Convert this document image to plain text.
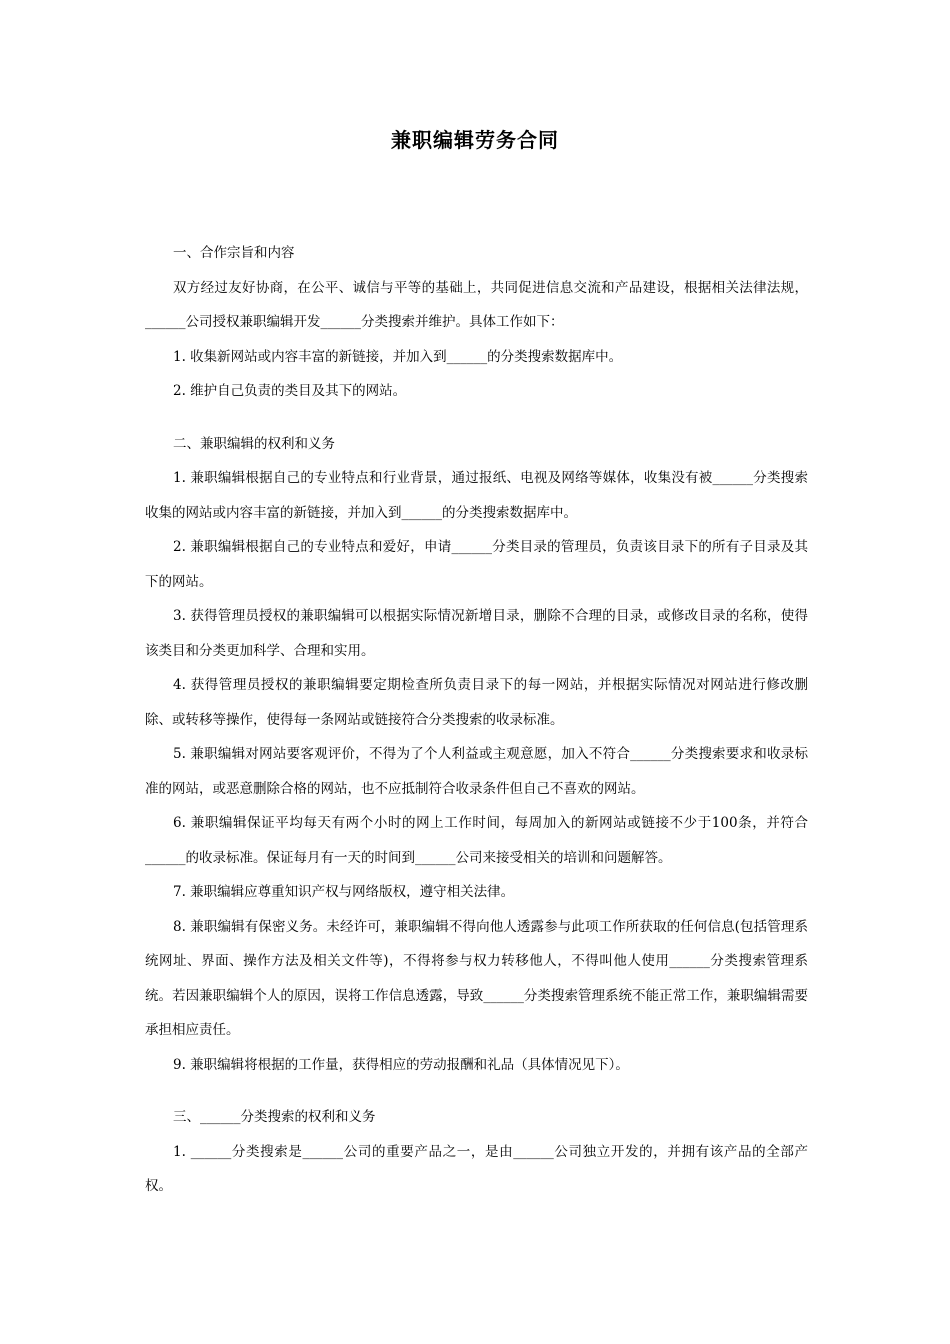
兼职编辑劳务合同

一、合作宗旨和内容

双方经过友好协商，在公平、诚信与平等的基础上，共同促进信息交流和产品建设，根据相关法律法规，______公司授权兼职编辑开发______分类搜索并维护。具体工作如下：

1. 收集新网站或内容丰富的新链接，并加入到______的分类搜索数据库中。

2. 维护自己负责的类目及其下的网站。

二、兼职编辑的权利和义务

1. 兼职编辑根据自己的专业特点和行业背景，通过报纸、电视及网络等媒体，收集没有被______分类搜索收集的网站或内容丰富的新链接，并加入到______的分类搜索数据库中。

2. 兼职编辑根据自己的专业特点和爱好，申请______分类目录的管理员，负责该目录下的所有子目录及其下的网站。

3. 获得管理员授权的兼职编辑可以根据实际情况新增目录，删除不合理的目录，或修改目录的名称，使得该类目和分类更加科学、合理和实用。

4. 获得管理员授权的兼职编辑要定期检查所负责目录下的每一网站，并根据实际情况对网站进行修改删除、或转移等操作，使得每一条网站或链接符合分类搜索的收录标准。

5. 兼职编辑对网站要客观评价，不得为了个人利益或主观意愿，加入不符合______分类搜索要求和收录标准的网站，或恶意删除合格的网站，也不应抵制符合收录条件但自己不喜欢的网站。

6. 兼职编辑保证平均每天有两个小时的网上工作时间，每周加入的新网站或链接不少于100条，并符合______的收录标准。保证每月有一天的时间到______公司来接受相关的培训和问题解答。

7. 兼职编辑应尊重知识产权与网络版权，遵守相关法律。

8. 兼职编辑有保密义务。未经许可，兼职编辑不得向他人透露参与此项工作所获取的任何信息(包括管理系统网址、界面、操作方法及相关文件等)，不得将参与权力转移他人，不得叫他人使用______分类搜索管理系统。若因兼职编辑个人的原因，误将工作信息透露，导致______分类搜索管理系统不能正常工作，兼职编辑需要承担相应责任。

9. 兼职编辑将根据的工作量，获得相应的劳动报酬和礼品（具体情况见下）。

三、______分类搜索的权利和义务

1. ______分类搜索是______公司的重要产品之一，是由______公司独立开发的，并拥有该产品的全部产权。
